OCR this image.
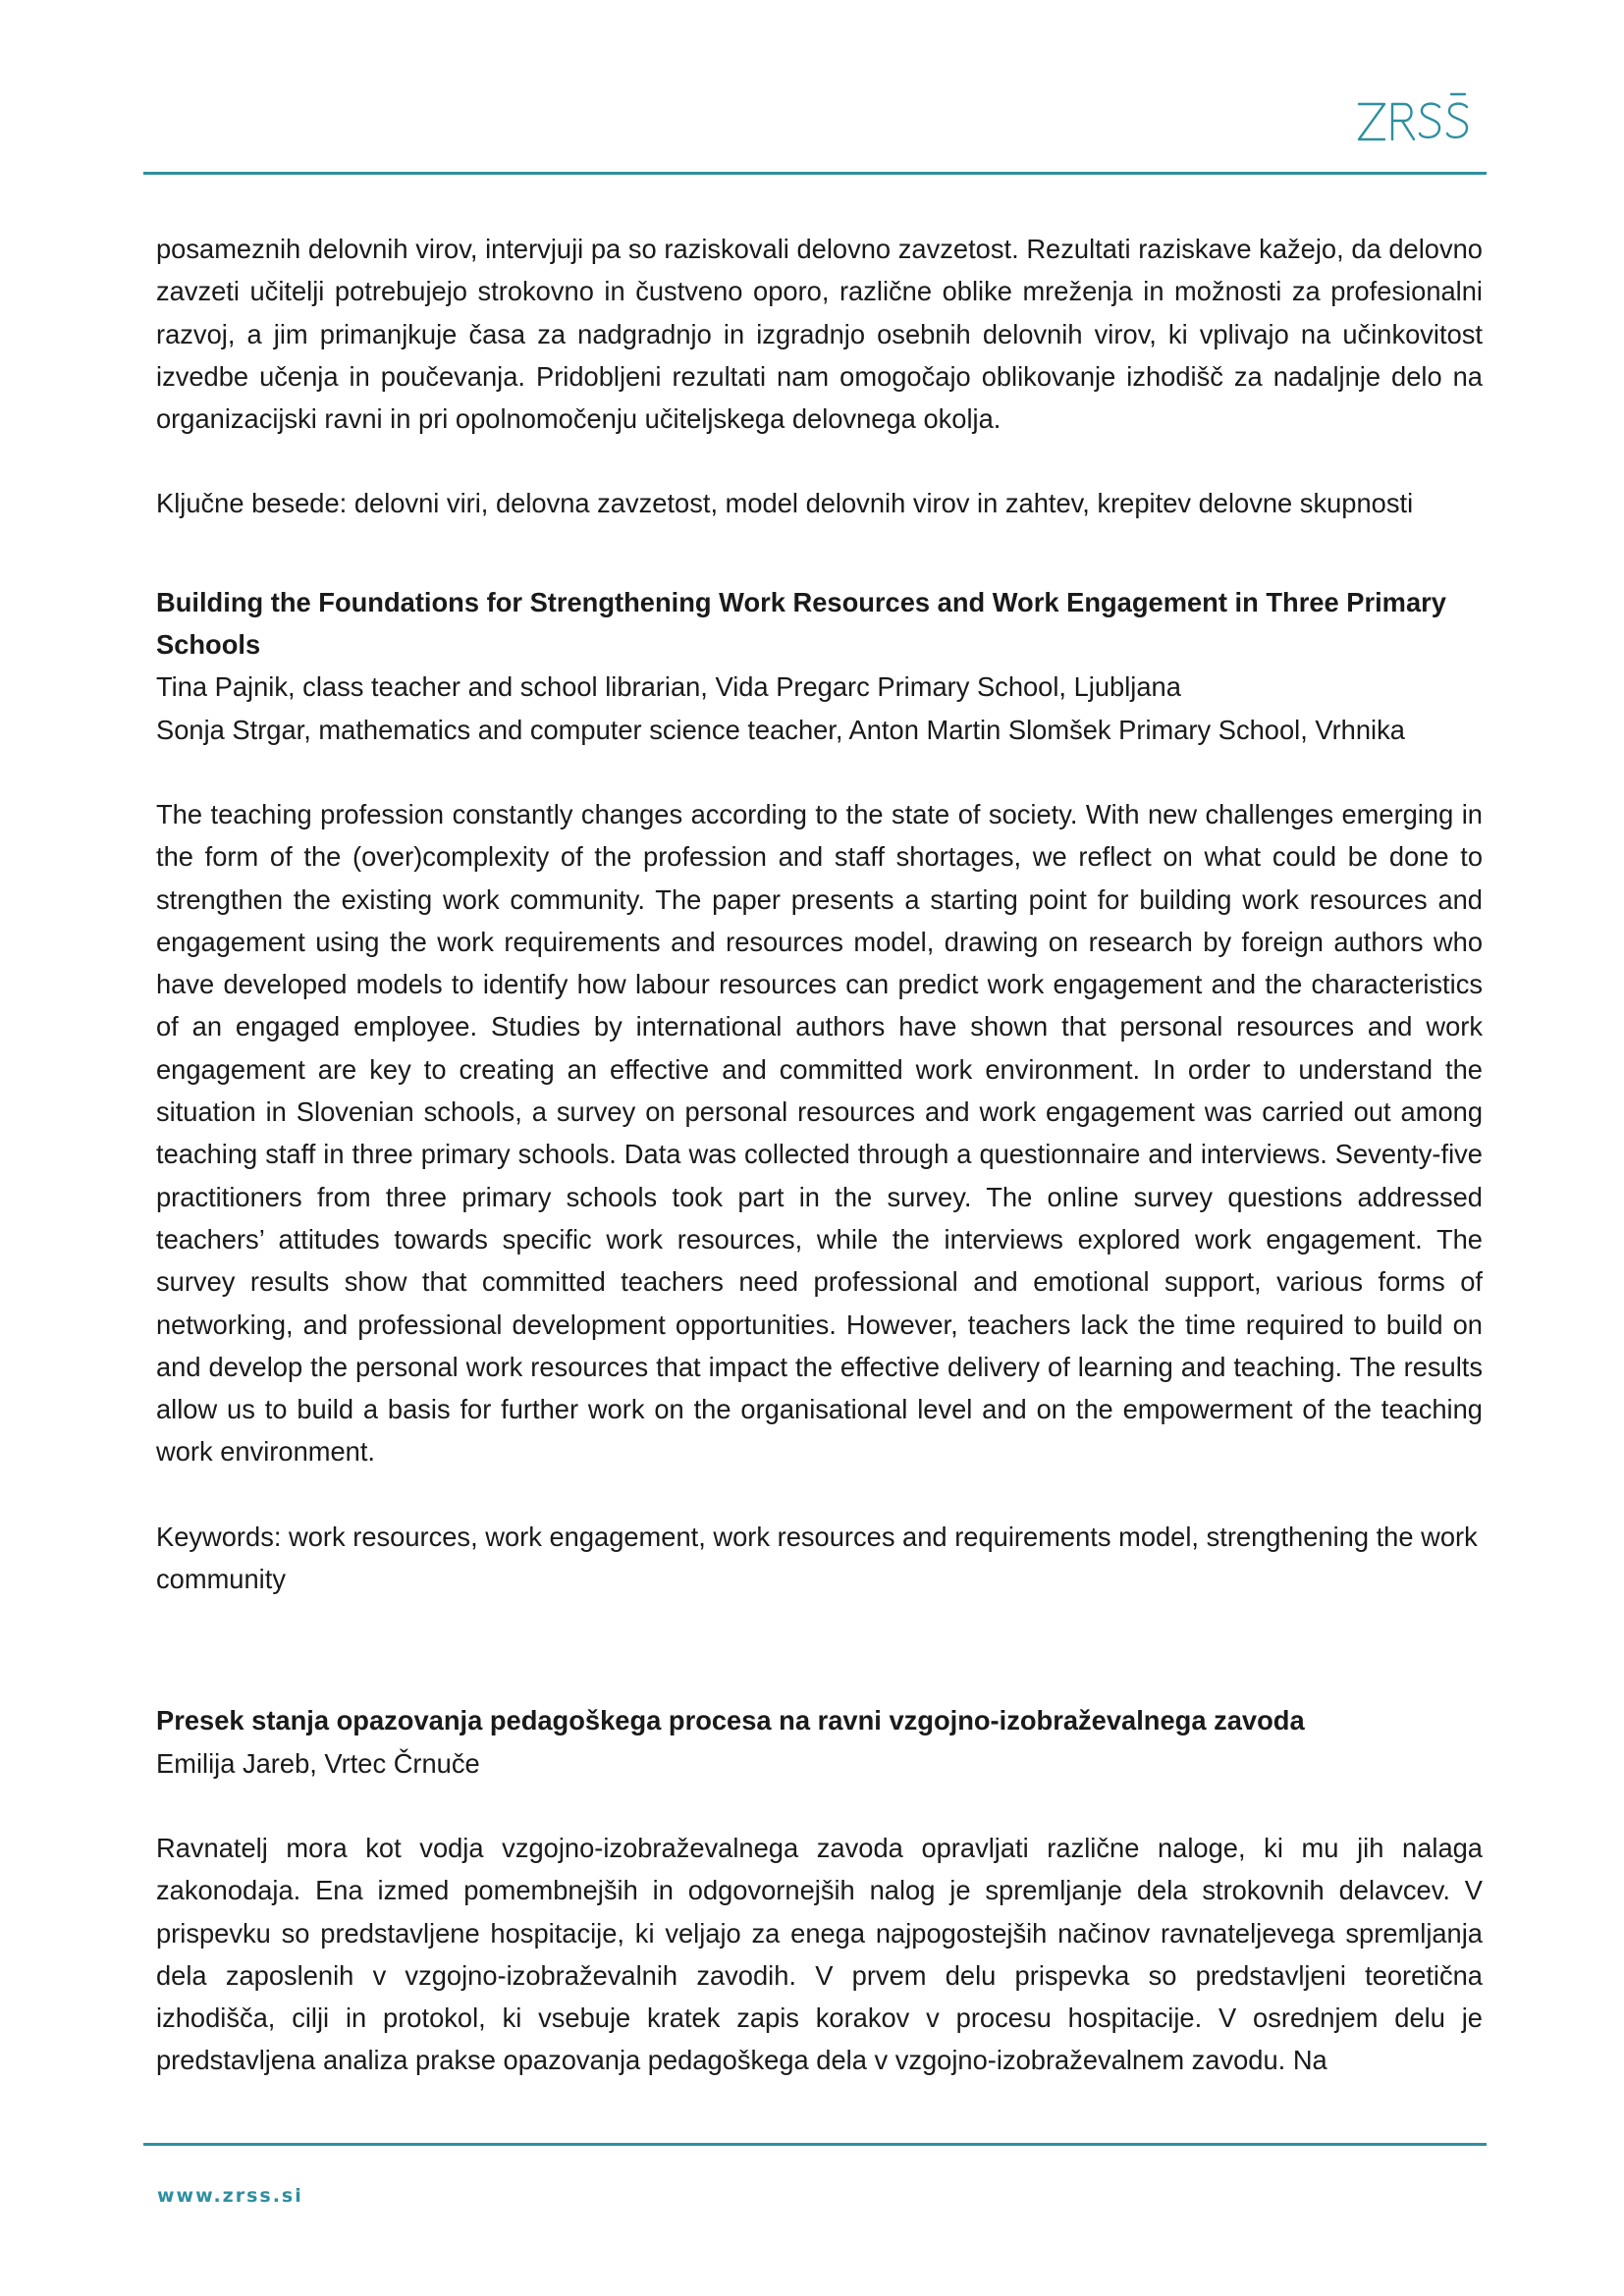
posameznih delovnih virov, intervjuji pa so raziskovali delovno zavzetost. Rezultati raziskave kažejo, da delovno zavzeti učitelji potrebujejo strokovno in čustveno oporo, različne oblike mreženja in možnosti za profesionalni razvoj, a jim primanjkuje časa za nadgradnjo in izgradnjo osebnih delovnih virov, ki vplivajo na učinkovitost izvedbe učenja in poučevanja. Pridobljeni rezultati nam omogočajo oblikovanje izhodišč za nadaljnje delo na organizacijski ravni in pri opolnomočenju učiteljskega delovnega okolja.

Ključne besede: delovni viri, delovna zavzetost, model delovnih virov in zahtev, krepitev delovne skupnosti

Building the Foundations for Strengthening Work Resources and Work Engagement in Three Primary Schools

Tina Pajnik, class teacher and school librarian, Vida Pregarc Primary School, Ljubljana

Sonja Strgar, mathematics and computer science teacher, Anton Martin Slomšek Primary School, Vrhnika

The teaching profession constantly changes according to the state of society. With new challenges emerging in the form of the (over)complexity of the profession and staff shortages, we reflect on what could be done to strengthen the existing work community. The paper presents a starting point for building work resources and engagement using the work requirements and resources model, drawing on research by foreign authors who have developed models to identify how labour resources can predict work engagement and the characteristics of an engaged employee. Studies by international authors have shown that personal resources and work engagement are key to creating an effective and committed work environment. In order to understand the situation in Slovenian schools, a survey on personal resources and work engagement was carried out among teaching staff in three primary schools. Data was collected through a questionnaire and interviews. Seventy-five practitioners from three primary schools took part in the survey. The online survey questions addressed teachers’ attitudes towards specific work resources, while the interviews explored work engagement. The survey results show that committed teachers need professional and emotional support, various forms of networking, and professional development opportunities. However, teachers lack the time required to build on and develop the personal work resources that impact the effective delivery of learning and teaching. The results allow us to build a basis for further work on the organisational level and on the empowerment of the teaching work environment.

Keywords: work resources, work engagement, work resources and requirements model, strengthening the work community

Presek stanja opazovanja pedagoškega procesa na ravni vzgojno-izobraževalnega zavoda

Emilija Jareb, Vrtec Črnuče

Ravnatelj mora kot vodja vzgojno-izobraževalnega zavoda opravljati različne naloge, ki mu jih nalaga zakonodaja. Ena izmed pomembnejših in odgovornejših nalog je spremljanje dela strokovnih delavcev. V prispevku so predstavljene hospitacije, ki veljajo za enega najpogostejših načinov ravnateljevega spremljanja dela zaposlenih v vzgojno-izobraževalnih zavodih. V prvem delu prispevka so predstavljeni teoretična izhodišča, cilji in protokol, ki vsebuje kratek zapis korakov v procesu hospitacije. V osrednjem delu je predstavljena analiza prakse opazovanja pedagoškega dela v vzgojno-izobraževalnem zavodu. Na

www.zrss.si
